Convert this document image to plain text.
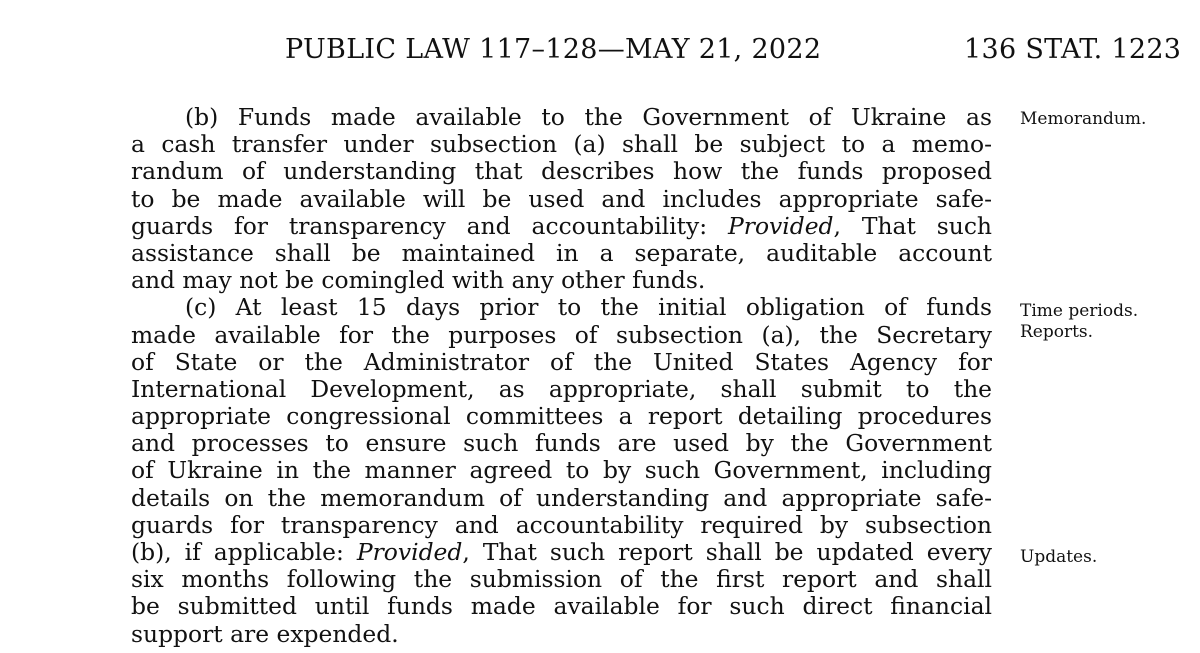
PUBLIC LAW 117–128—MAY 21, 2022	136 STAT. 1223
(b) Funds made available to the Government of Ukraine as
a cash transfer under subsection (a) shall be subject to a memo-
randum of understanding that describes how the funds proposed
to be made available will be used and includes appropriate safe-
guards for transparency and accountability: Provided, That such
assistance shall be maintained in a separate, auditable account
and may not be comingled with any other funds.
(c) At least 15 days prior to the initial obligation of funds
made available for the purposes of subsection (a), the Secretary
of State or the Administrator of the United States Agency for
International Development, as appropriate, shall submit to the
appropriate congressional committees a report detailing procedures
and processes to ensure such funds are used by the Government
of Ukraine in the manner agreed to by such Government, including
details on the memorandum of understanding and appropriate safe-
guards for transparency and accountability required by subsection
(b), if applicable: Provided, That such report shall be updated every
six months following the submission of the first report and shall
be submitted until funds made available for such direct financial
support are expended.
Memorandum.
Time periods.
Reports.
Updates.
